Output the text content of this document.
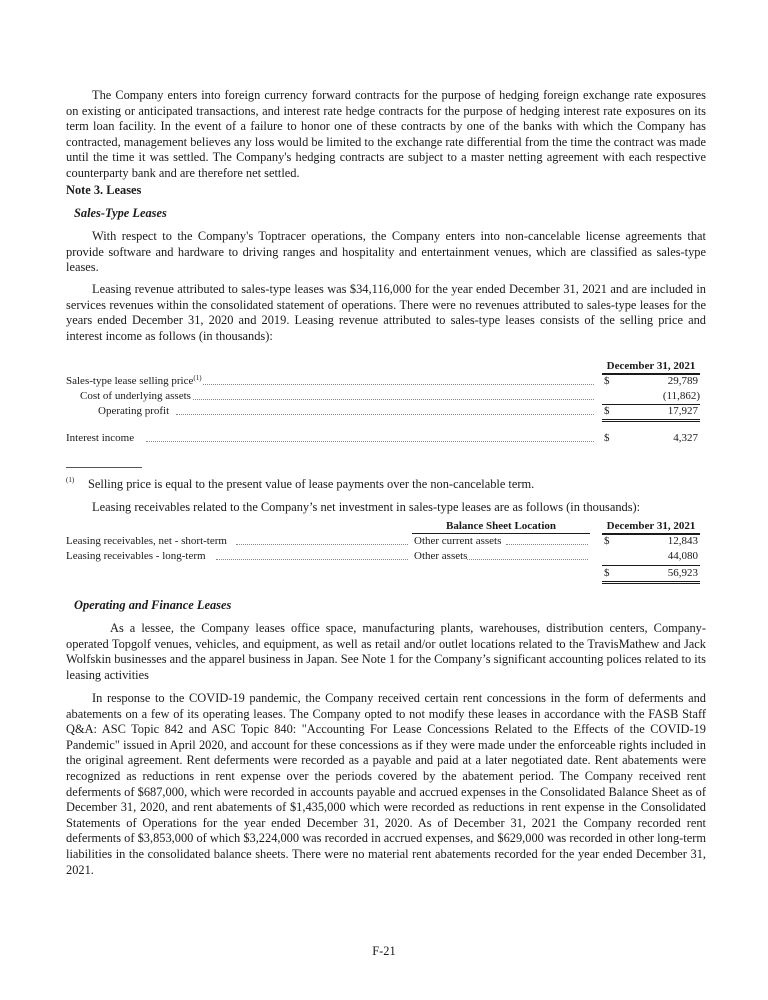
The Company enters into foreign currency forward contracts for the purpose of hedging foreign exchange rate exposures on existing or anticipated transactions, and interest rate hedge contracts for the purpose of hedging interest rate exposures on its term loan facility. In the event of a failure to honor one of these contracts by one of the banks with which the Company has contracted, management believes any loss would be limited to the exchange rate differential from the time the contract was made until the time it was settled. The Company's hedging contracts are subject to a master netting agreement with each respective counterparty bank and are therefore net settled.

Note 3. Leases
Sales-Type Leases

With respect to the Company's Toptracer operations, the Company enters into non-cancelable license agreements that provide software and hardware to driving ranges and hospitality and entertainment venues, which are classified as sales-type leases.

Leasing revenue attributed to sales-type leases was $34,116,000 for the year ended December 31, 2021 and are included in services revenues within the consolidated statement of operations. There were no revenues attributed to sales-type leases for the years ended December 31, 2020 and 2019. Leasing revenue attributed to sales-type leases consists of the selling price and interest income as follows (in thousands):

December 31, 2021
Sales-type lease selling price$^{(1)}$	$	29,789
Cost of underlying assets	(11,862)
Operating profit	$	17,927
Interest income	$	4,327
(1) Selling price is equal to the present value of lease payments over the non-cancelable term.

Leasing receivables related to the Company’s net investment in sales-type leases are as follows (in thousands):

Balance Sheet Location	December 31, 2021
Leasing receivables, net - short-term	Other current assets	$	12,843
Leasing receivables - long-term	Other assets	44,080
$	56,923
Operating and Finance Leases

As a lessee, the Company leases office space, manufacturing plants, warehouses, distribution centers, Company-operated Topgolf venues, vehicles, and equipment, as well as retail and/or outlet locations related to the TravisMathew and Jack Wolfskin businesses and the apparel business in Japan. See Note 1 for the Company’s significant accounting polices related to its leasing activities

In response to the COVID-19 pandemic, the Company received certain rent concessions in the form of deferments and abatements on a few of its operating leases. The Company opted to not modify these leases in accordance with the FASB Staff Q&A: ASC Topic 842 and ASC Topic 840: "Accounting For Lease Concessions Related to the Effects of the COVID-19 Pandemic" issued in April 2020, and account for these concessions as if they were made under the enforceable rights included in the original agreement. Rent deferments were recorded as a payable and paid at a later negotiated date. Rent abatements were recognized as reductions in rent expense over the periods covered by the abatement period. The Company received rent deferments of $687,000, which were recorded in accounts payable and accrued expenses in the Consolidated Balance Sheet as of December 31, 2020, and rent abatements of $1,435,000 which were recorded as reductions in rent expense in the Consolidated Statements of Operations for the year ended December 31, 2020. As of December 31, 2021 the Company recorded rent deferments of $3,853,000 of which $3,224,000 was recorded in accrued expenses, and $629,000 was recorded in other long-term liabilities in the consolidated balance sheets. There were no material rent abatements recorded for the year ended December 31, 2021.

F-21
